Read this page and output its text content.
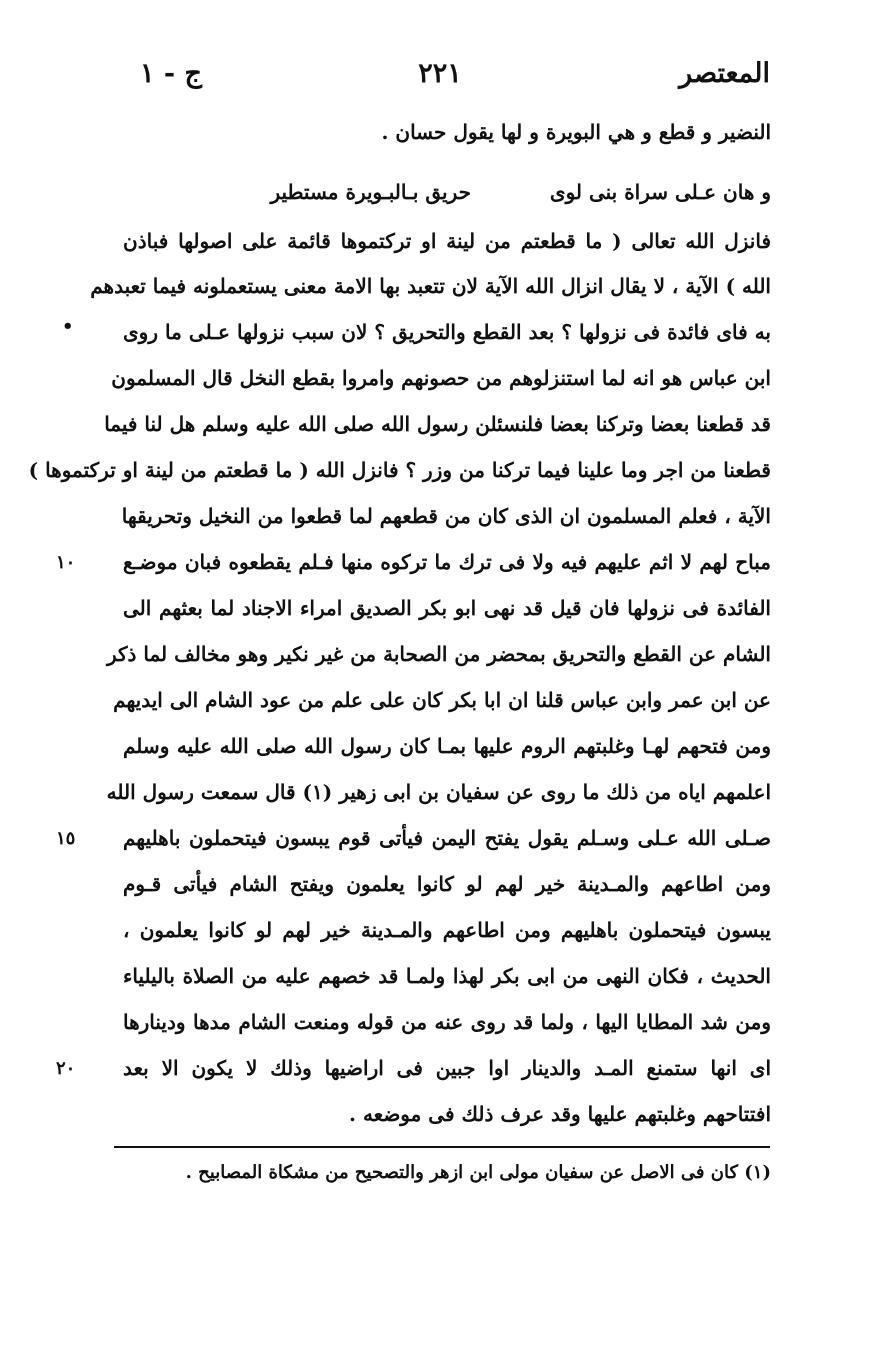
المعتصر
٢٢١
ج - ١
النضير و قطع و هي البويرة و لها يقول حسان .
و هان عـلى سراة بنى لوى
حريق بـالبـويرة مستطير
فانزل الله تعالى ( ما قطعتم من لينة او تركتموها قائمة على اصولها فباذن
الله ) الآية ، لا يقال انزال الله الآية لان تتعبد بها الامة معنى يستعملونه فيما تعبدهم
به فاى فائدة فى نزولها ؟ بعد القطع والتحريق ؟ لان سبب نزولها عـلى ما روى
ابن عباس هو انه لما استنزلوهم من حصونهم وامروا بقطع النخل قال المسلمون
قد قطعنا بعضا وتركنا بعضا فلنسئلن رسول الله صلى الله عليه وسلم هل لنا فيما
قطعنا من اجر وما علينا فيما تركنا من وزر ؟ فانزل الله ( ما قطعتم من لينة او تركتموها )
الآية ، فعلم المسلمون ان الذى كان من قطعهم لما قطعوا من النخيل وتحريقها
مباح لهم لا اثم عليهم فيه ولا فى ترك ما تركوه منها فـلم يقطعوه فبان موضـع
الفائدة فى نزولها فان قيل قد نهى ابو بكر الصديق امراء الاجناد لما بعثهم الى
الشام عن القطع والتحريق بمحضر من الصحابة من غير نكير وهو مخالف لما ذكر
عن ابن عمر وابن عباس قلنا ان ابا بكر كان على علم من عود الشام الى ايديهم
ومن فتحهم لهـا وغلبتهم الروم عليها بمـا كان رسول الله صلى الله عليه وسلم
اعلمهم اياه من ذلك ما روى عن سفيان بن ابى زهير (١) قال سمعت رسول الله
صـلى الله عـلى وسـلم يقول يفتح اليمن فيأتى قوم يبسون فيتحملون باهليهم
ومن اطاعهم والمـدينة خير لهم لو كانوا يعلمون ويفتح الشام فيأتى قـوم
يبسون فيتحملون باهليهم ومن اطاعهم والمـدينة خير لهم لو كانوا يعلمون ،
الحديث ، فكان النهى من ابى بكر لهذا ولمـا قد خصهم عليه من الصلاة باليلياء
ومن شد المطايا اليها ، ولما قد روى عنه من قوله ومنعت الشام مدها ودينارها
اى انها ستمنع المـد والدينار اوا جبين فى اراضيها وذلك لا يكون الا بعد
افتتاحهم وغلبتهم عليها وقد عرف ذلك فى موضعه .
•
١٠
١٥
٢٠
(١) كان فى الاصل عن سفيان مولى ابن ازهر والتصحيح من مشكاة المصابيح .
